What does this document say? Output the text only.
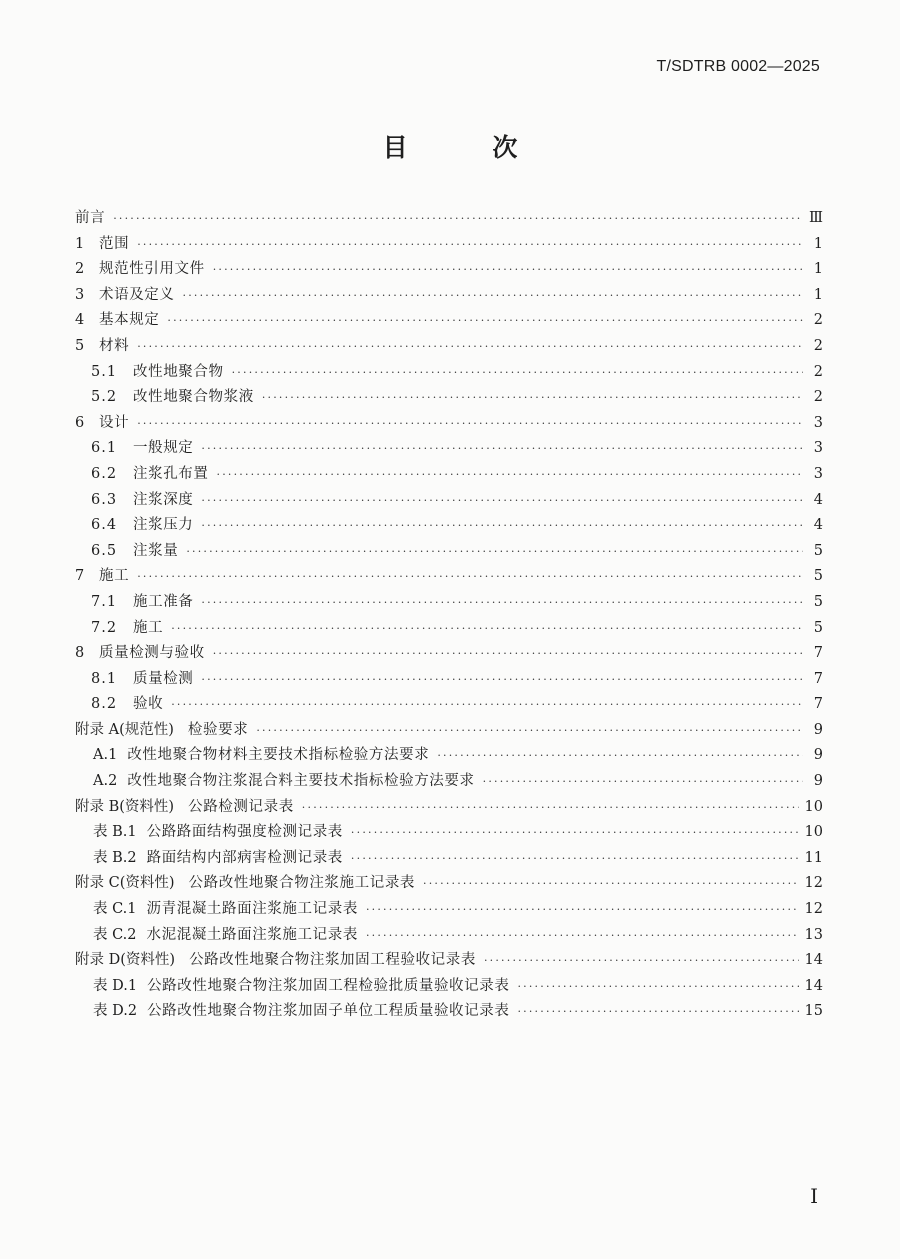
T/SDTRB 0002—2025
目 次
前言 ·····	Ⅲ
1	范围 ·····	1
2	规范性引用文件 ·····	1
3	术语及定义 ·····	1
4	基本规定 ·····	2
5	材料 ·····	2
5.1	改性地聚合物 ·····	2
5.2	改性地聚合物浆液 ·····	2
6	设计 ·····	3
6.1	一般规定 ·····	3
6.2	注浆孔布置 ·····	3
6.3	注浆深度 ·····	4
6.4	注浆压力 ·····	4
6.5	注浆量 ·····	5
7	施工 ·····	5
7.1	施工准备 ·····	5
7.2	施工 ·····	5
8	质量检测与验收 ·····	7
8.1	质量检测 ·····	7
8.2	验收 ·····	7
附录 A(规范性) 检验要求 ·····	9
A.1 改性地聚合物材料主要技术指标检验方法要求 ·····	9
A.2 改性地聚合物注浆混合料主要技术指标检验方法要求 ·····	9
附录 B(资料性) 公路检测记录表 ·····	10
表 B.1 公路路面结构强度检测记录表 ·····	10
表 B.2 路面结构内部病害检测记录表 ·····	11
附录 C(资料性) 公路改性地聚合物注浆施工记录表 ·····	12
表 C.1 沥青混凝土路面注浆施工记录表 ·····	12
表 C.2 水泥混凝土路面注浆施工记录表 ·····	13
附录 D(资料性) 公路改性地聚合物注浆加固工程验收记录表 ·····	14
表 D.1 公路改性地聚合物注浆加固工程检验批质量验收记录表 ·····	14
表 D.2 公路改性地聚合物注浆加固子单位工程质量验收记录表 ·····	15
Ⅰ
